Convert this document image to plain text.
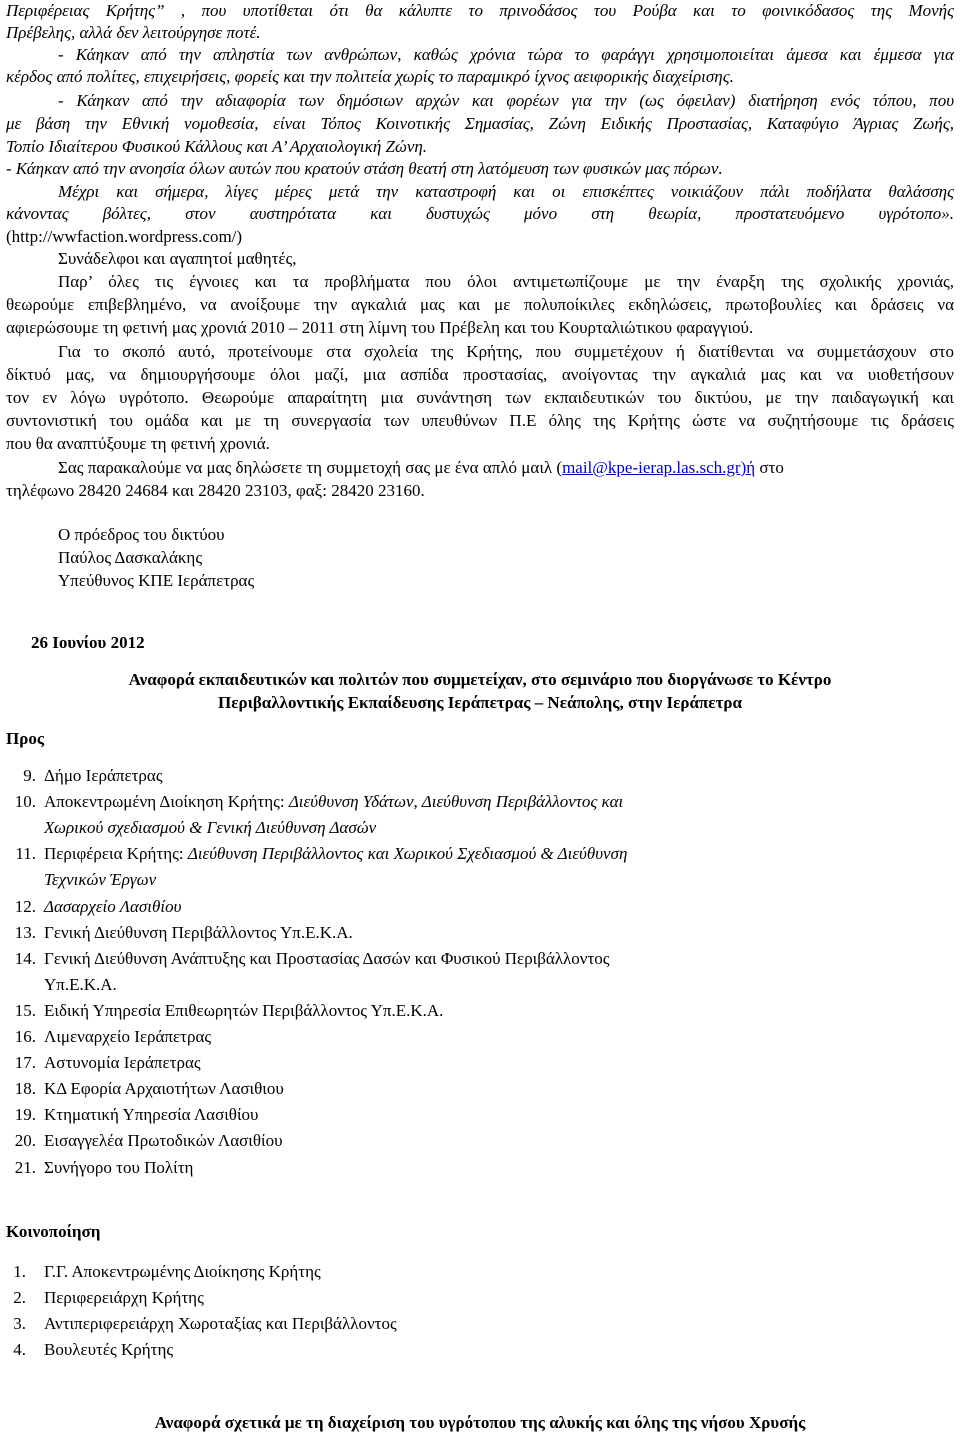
Περιφέρειας Κρήτης” , που υποτίθεται ότι θα κάλυπτε το πρινοδάσος του Ρούβα και το φοινικόδασος της Μονής
Πρέβελης, αλλά δεν λειτούργησε ποτέ.
- Κάηκαν από την απληστία των ανθρώπων, καθώς χρόνια τώρα το φαράγγι χρησιμοποιείται άμεσα και έμμεσα για
κέρδος από πολίτες, επιχειρήσεις, φορείς και την πολιτεία χωρίς το παραμικρό ίχνος αειφορικής διαχείρισης.
- Κάηκαν από την αδιαφορία των δημόσιων αρχών και φορέων για την (ως όφειλαν) διατήρηση ενός τόπου, που
με βάση την Εθνική νομοθεσία, είναι Τόπος Κοινοτικής Σημασίας, Ζώνη Ειδικής Προστασίας, Καταφύγιο Άγριας Ζωής,
Τοπίο Ιδιαίτερου Φυσικού Κάλλους και Α’ Αρχαιολογική Ζώνη.
- Κάηκαν από την ανοησία όλων αυτών που κρατούν στάση θεατή στη λατόμευση των φυσικών μας πόρων.
Μέχρι και σήμερα, λίγες μέρες μετά την καταστροφή και οι επισκέπτες νοικιάζουν πάλι ποδήλατα θαλάσσης
κάνοντας βόλτες, στον αυστηρότατα και δυστυχώς μόνο στη θεωρία, προστατευόμενο υγρότοπο».
(http://wwfaction.wordpress.com/)
Συνάδελφοι και αγαπητοί μαθητές,
Παρ’ όλες τις έγνοιες και τα προβλήματα που όλοι αντιμετωπίζουμε με την έναρξη της σχολικής χρονιάς,
θεωρούμε επιβεβλημένο, να ανοίξουμε την αγκαλιά μας και με πολυποίκιλες εκδηλώσεις, πρωτοβουλίες και δράσεις να
αφιερώσουμε τη φετινή μας χρονιά 2010 – 2011 στη λίμνη του Πρέβελη και του Κουρταλιώτικου φαραγγιού.
Για το σκοπό αυτό, προτείνουμε στα σχολεία της Κρήτης, που συμμετέχουν ή διατίθενται να συμμετάσχουν στο
δίκτυό μας, να δημιουργήσουμε όλοι μαζί, μια ασπίδα προστασίας, ανοίγοντας την αγκαλιά μας και να υιοθετήσουν
τον εν λόγω υγρότοπο. Θεωρούμε απαραίτητη μια συνάντηση των εκπαιδευτικών του δικτύου, με την παιδαγωγική και
συντονιστική του ομάδα και με τη συνεργασία των υπευθύνων Π.Ε όλης της Κρήτης ώστε να συζητήσουμε τις δράσεις
που θα αναπτύξουμε τη φετινή χρονιά.
Σας παρακαλούμε να μας δηλώσετε τη συμμετοχή σας με ένα απλό μαιλ (mail@kpe-ierap.las.sch.gr)ή στο
τηλέφωνο 28420 24684 και 28420 23103, φαξ: 28420 23160.
Ο πρόεδρος του δικτύου
Παύλος Δασκαλάκης
Υπεύθυνος ΚΠΕ Ιεράπετρας
26 Ιουνίου 2012
Αναφορά εκπαιδευτικών και πολιτών που συμμετείχαν, στο σεμινάριο που διοργάνωσε το Κέντρο
Περιβαλλοντικής Εκπαίδευσης Ιεράπετρας – Νεάπολης, στην Ιεράπετρα
Προς
9. Δήμο Ιεράπετρας
10. Αποκεντρωμένη Διοίκηση Κρήτης: Διεύθυνση Υδάτων, Διεύθυνση Περιβάλλοντος και
Χωρικού σχεδιασμού & Γενική Διεύθυνση Δασών
11. Περιφέρεια Κρήτης: Διεύθυνση Περιβάλλοντος και Χωρικού Σχεδιασμού & Διεύθυνση
Τεχνικών Έργων
12. Δασαρχείο Λασιθίου
13. Γενική Διεύθυνση Περιβάλλοντος Υπ.Ε.Κ.Α.
14. Γενική Διεύθυνση Ανάπτυξης και Προστασίας Δασών και Φυσικού Περιβάλλοντος
Υπ.Ε.Κ.Α.
15. Ειδική Υπηρεσία Επιθεωρητών Περιβάλλοντος Υπ.Ε.Κ.Α.
16. Λιμεναρχείο Ιεράπετρας
17. Αστυνομία Ιεράπετρας
18. ΚΔ Εφορία Αρχαιοτήτων Λασιθιου
19. Κτηματική Υπηρεσία Λασιθίου
20. Εισαγγελέα Πρωτοδικών Λασιθίου
21. Συνήγορο του Πολίτη
Κοινοποίηση
1. Γ.Γ. Αποκεντρωμένης Διοίκησης Κρήτης
2. Περιφερειάρχη Κρήτης
3. Αντιπεριφερειάρχη Χωροταξίας και Περιβάλλοντος
4. Βουλευτές Κρήτης
Αναφορά σχετικά με τη διαχείριση του υγρότοπου της αλυκής και όλης της νήσου Χρυσής
